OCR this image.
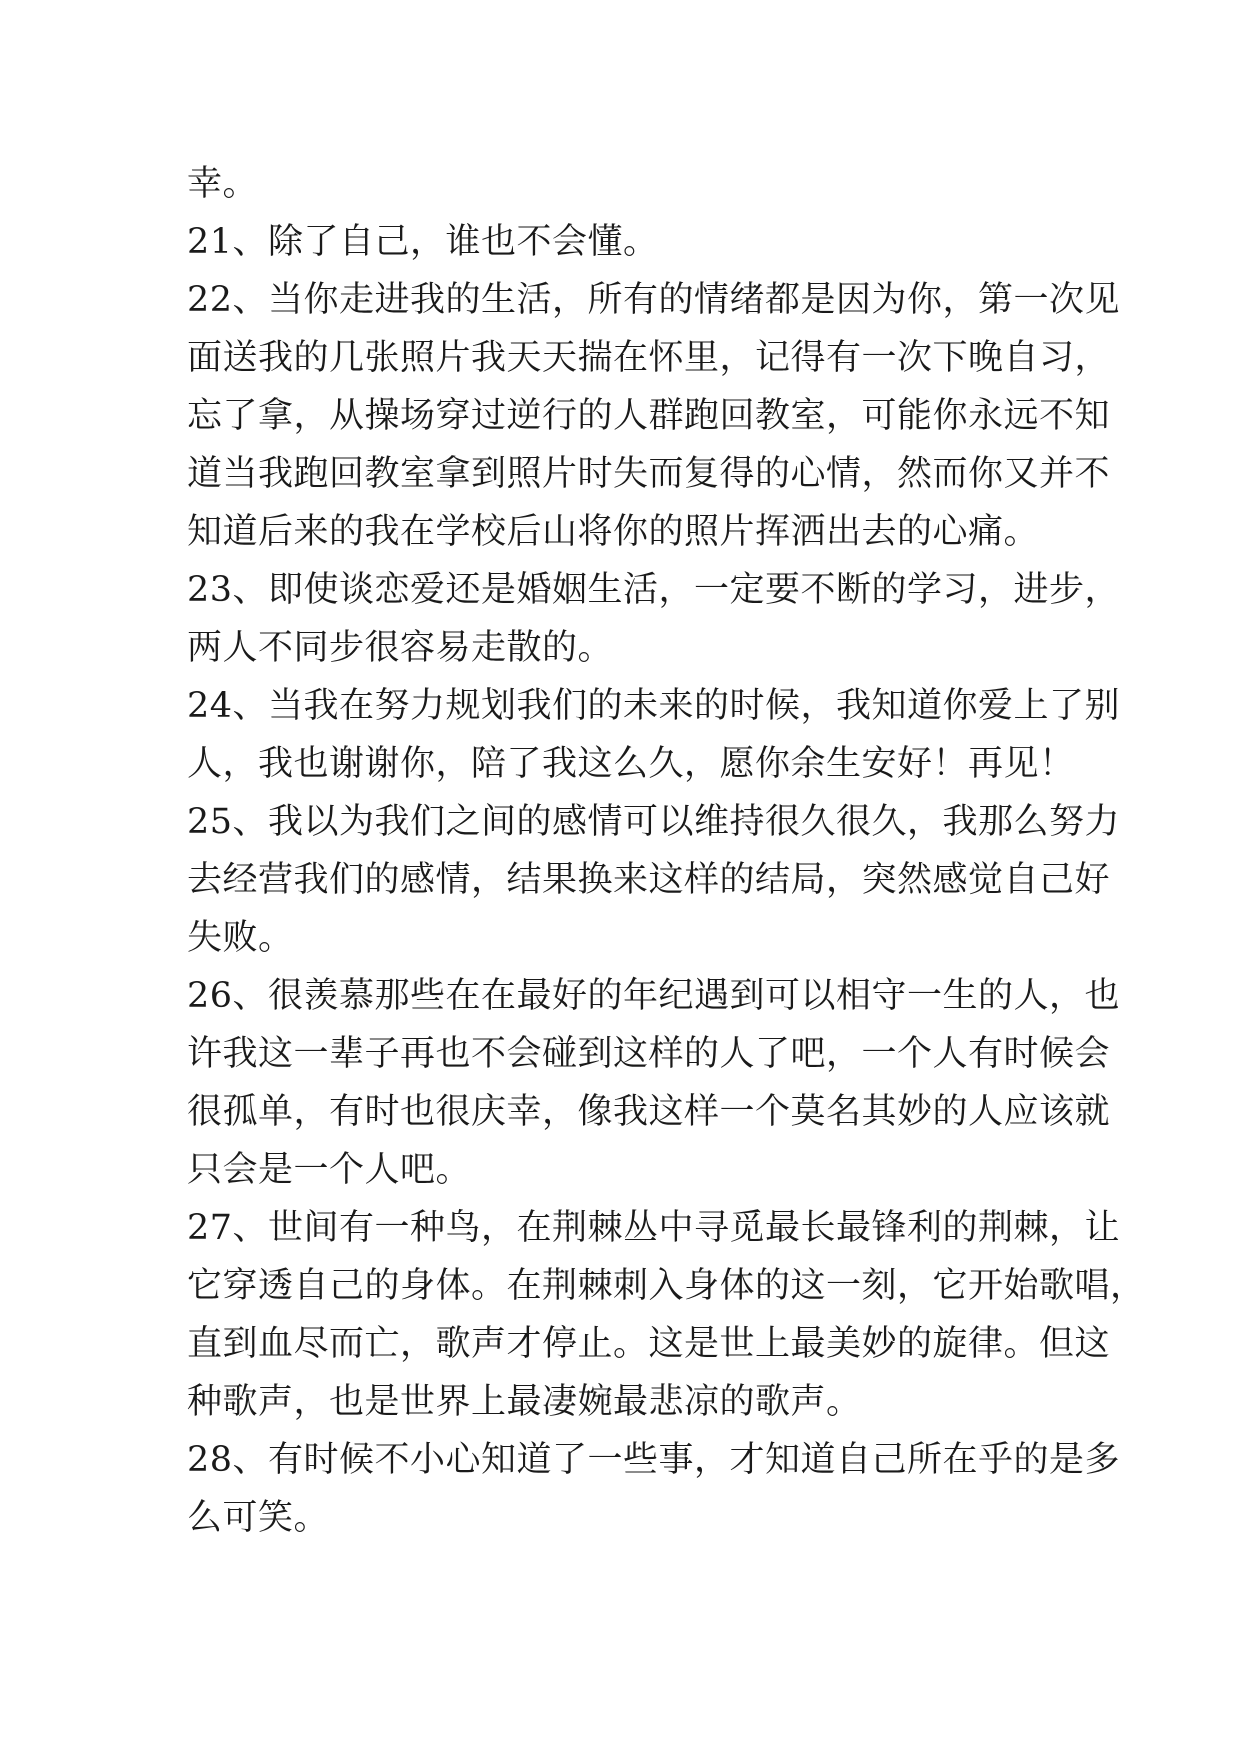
幸。
21、除了自己，谁也不会懂。
22、当你走进我的生活，所有的情绪都是因为你，第一次见
面送我的几张照片我天天揣在怀里，记得有一次下晚自习，
忘了拿，从操场穿过逆行的人群跑回教室，可能你永远不知
道当我跑回教室拿到照片时失而复得的心情，然而你又并不
知道后来的我在学校后山将你的照片挥洒出去的心痛。
23、即使谈恋爱还是婚姻生活，一定要不断的学习，进步，
两人不同步很容易走散的。
24、当我在努力规划我们的未来的时候，我知道你爱上了别
人，我也谢谢你，陪了我这么久，愿你余生安好！再见！
25、我以为我们之间的感情可以维持很久很久，我那么努力
去经营我们的感情，结果换来这样的结局，突然感觉自己好
失败。
26、很羡慕那些在在最好的年纪遇到可以相守一生的人，也
许我这一辈子再也不会碰到这样的人了吧，一个人有时候会
很孤单，有时也很庆幸，像我这样一个莫名其妙的人应该就
只会是一个人吧。
27、世间有一种鸟，在荆棘丛中寻觅最长最锋利的荆棘，让
它穿透自己的身体。在荆棘刺入身体的这一刻，它开始歌唱，
直到血尽而亡，歌声才停止。这是世上最美妙的旋律。但这
种歌声，也是世界上最凄婉最悲凉的歌声。
28、有时候不小心知道了一些事，才知道自己所在乎的是多
么可笑。
